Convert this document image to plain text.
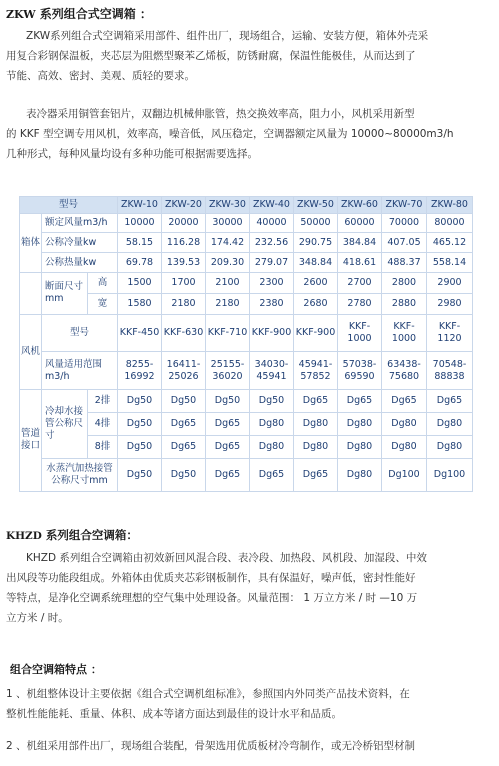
ZKW 系列组合式空调箱 ：
ZKW系列组合式空调箱采用部件、组件出厂，现场组合，运输、安装方便，箱体外壳采
用复合彩钢保温板，夹芯层为阻燃型聚苯乙烯板，防锈耐腐，保温性能极佳，从而达到了
节能、高效、密封、美观、质轻的要求。
表冷器采用铜管套铝片，双翻边机械伸胀管，热交换效率高，阻力小，风机采用新型
的 KKF 型空调专用风机，效率高，噪音低，风压稳定，空调器额定风量为 10000~80000m3/h
几种形式，每种风量均设有多种功能可根据需要选择。
型号			ZKW-10	ZKW-20	ZKW-30	ZKW-40	ZKW-50	ZKW-60	ZKW-70	ZKW-80
箱体	额定风量m3/h		10000	20000	30000	40000	50000	60000	70000	80000
	公称冷量kw		58.15	116.28	174.42	232.56	290.75	384.84	407.05	465.12
	公称热量kw		69.78	139.53	209.30	279.07	348.84	418.61	488.37	558.14
	断面尺寸mm	高	1500	1700	2100	2300	2600	2700	2800	2900
		宽	1580	2180	2180	2380	2680	2780	2880	2980
风机	型号		KKF-450	KKF-630	KKF-710	KKF-900	KKF-900	KKF-1000	KKF-1000	KKF-1120
	风量适用范围m3/h		8255-16992	16411-25026	25155-36020	34030-45941	45941-57852	57038-69590	63438-75680	70548-88838
管道接口	冷却水接管公称尺寸	2排	Dg50	Dg50	Dg50	Dg50	Dg65	Dg65	Dg65	Dg65
		4排	Dg50	Dg65	Dg65	Dg80	Dg80	Dg80	Dg80	Dg80
		8排	Dg50	Dg65	Dg65	Dg80	Dg80	Dg80	Dg80	Dg80
	水蒸汽加热接管公称尺寸mm		Dg50	Dg50	Dg65	Dg65	Dg65	Dg80	Dg100	Dg100
KHZD 系列组合空调箱：
KHZD 系列组合空调箱由初效新回风混合段、表冷段、加热段、风机段、加湿段、中效
出风段等功能段组成。外箱体由优质夹芯彩钢板制作，具有保温好，噪声低，密封性能好
等特点，是净化空调系统理想的空气集中处理设备。风量范围： 1 万立方米 / 时 —10 万
立方米 / 时。
组合空调箱特点 ：
1 、机组整体设计主要依据《组合式空调机组标准》，参照国内外同类产品技术资料，在
整机性能能耗、重量、体积、成本等诸方面达到最佳的设计水平和品质。
2 、机组采用部件出厂，现场组合装配，骨架选用优质板材冷弯制作，或无冷桥铝型材制
